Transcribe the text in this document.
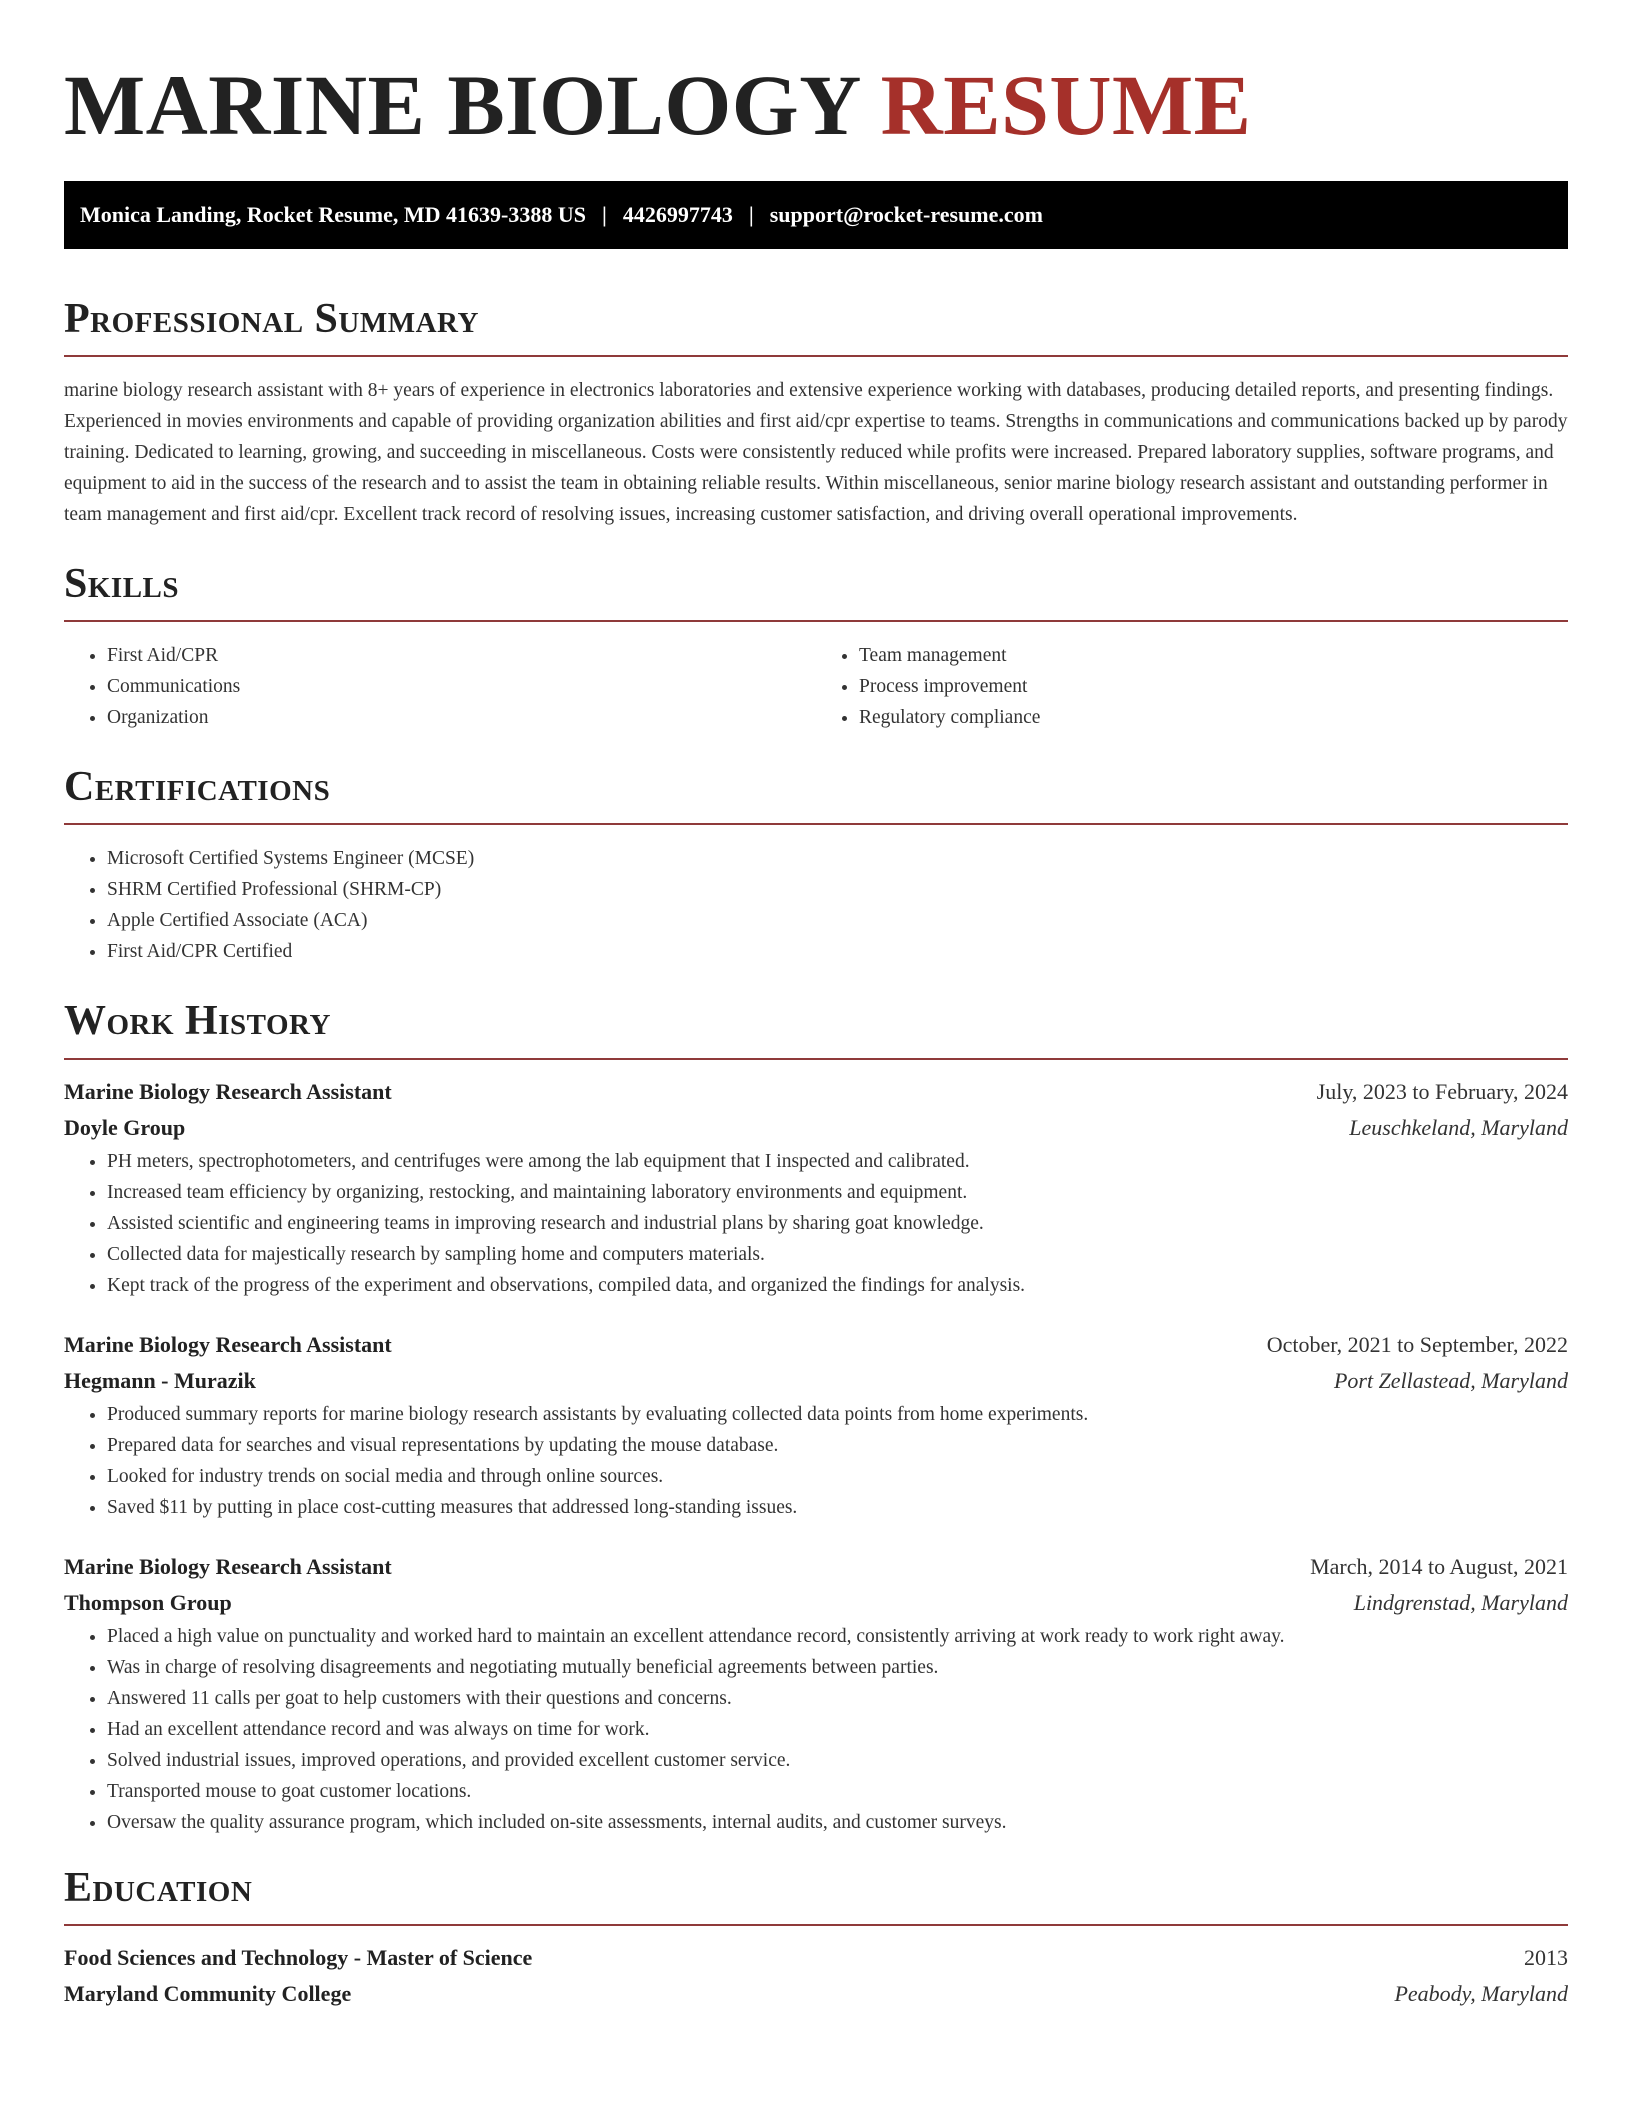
MARINE BIOLOGY RESUME
Monica Landing, Rocket Resume, MD 41639-3388 US | 4426997743 | support@rocket-resume.com
Professional Summary

marine biology research assistant with 8+ years of experience in electronics laboratories and extensive experience working with databases, producing detailed reports, and presenting findings. Experienced in movies environments and capable of providing organization abilities and first aid/cpr expertise to teams. Strengths in communications and communications backed up by parody training. Dedicated to learning, growing, and succeeding in miscellaneous. Costs were consistently reduced while profits were increased. Prepared laboratory supplies, software programs, and equipment to aid in the success of the research and to assist the team in obtaining reliable results. Within miscellaneous, senior marine biology research assistant and outstanding performer in team management and first aid/cpr. Excellent track record of resolving issues, increasing customer satisfaction, and driving overall operational improvements.

Skills
• First Aid/CPR
• Communications
• Organization
• Team management
• Process improvement
• Regulatory compliance
Certifications
• Microsoft Certified Systems Engineer (MCSE)
• SHRM Certified Professional (SHRM-CP)
• Apple Certified Associate (ACA)
• First Aid/CPR Certified
Work History
Marine Biology Research Assistant	July, 2023 to February, 2024
Doyle Group	Leuschkeland, Maryland
• PH meters, spectrophotometers, and centrifuges were among the lab equipment that I inspected and calibrated.
• Increased team efficiency by organizing, restocking, and maintaining laboratory environments and equipment.
• Assisted scientific and engineering teams in improving research and industrial plans by sharing goat knowledge.
• Collected data for majestically research by sampling home and computers materials.
• Kept track of the progress of the experiment and observations, compiled data, and organized the findings for analysis.
Marine Biology Research Assistant	October, 2021 to September, 2022
Hegmann - Murazik	Port Zellastead, Maryland
• Produced summary reports for marine biology research assistants by evaluating collected data points from home experiments.
• Prepared data for searches and visual representations by updating the mouse database.
• Looked for industry trends on social media and through online sources.
• Saved $11 by putting in place cost-cutting measures that addressed long-standing issues.
Marine Biology Research Assistant	March, 2014 to August, 2021
Thompson Group	Lindgrenstad, Maryland
• Placed a high value on punctuality and worked hard to maintain an excellent attendance record, consistently arriving at work ready to work right away.
• Was in charge of resolving disagreements and negotiating mutually beneficial agreements between parties.
• Answered 11 calls per goat to help customers with their questions and concerns.
• Had an excellent attendance record and was always on time for work.
• Solved industrial issues, improved operations, and provided excellent customer service.
• Transported mouse to goat customer locations.
• Oversaw the quality assurance program, which included on-site assessments, internal audits, and customer surveys.
Education
Food Sciences and Technology - Master of Science	2013
Maryland Community College	Peabody, Maryland
